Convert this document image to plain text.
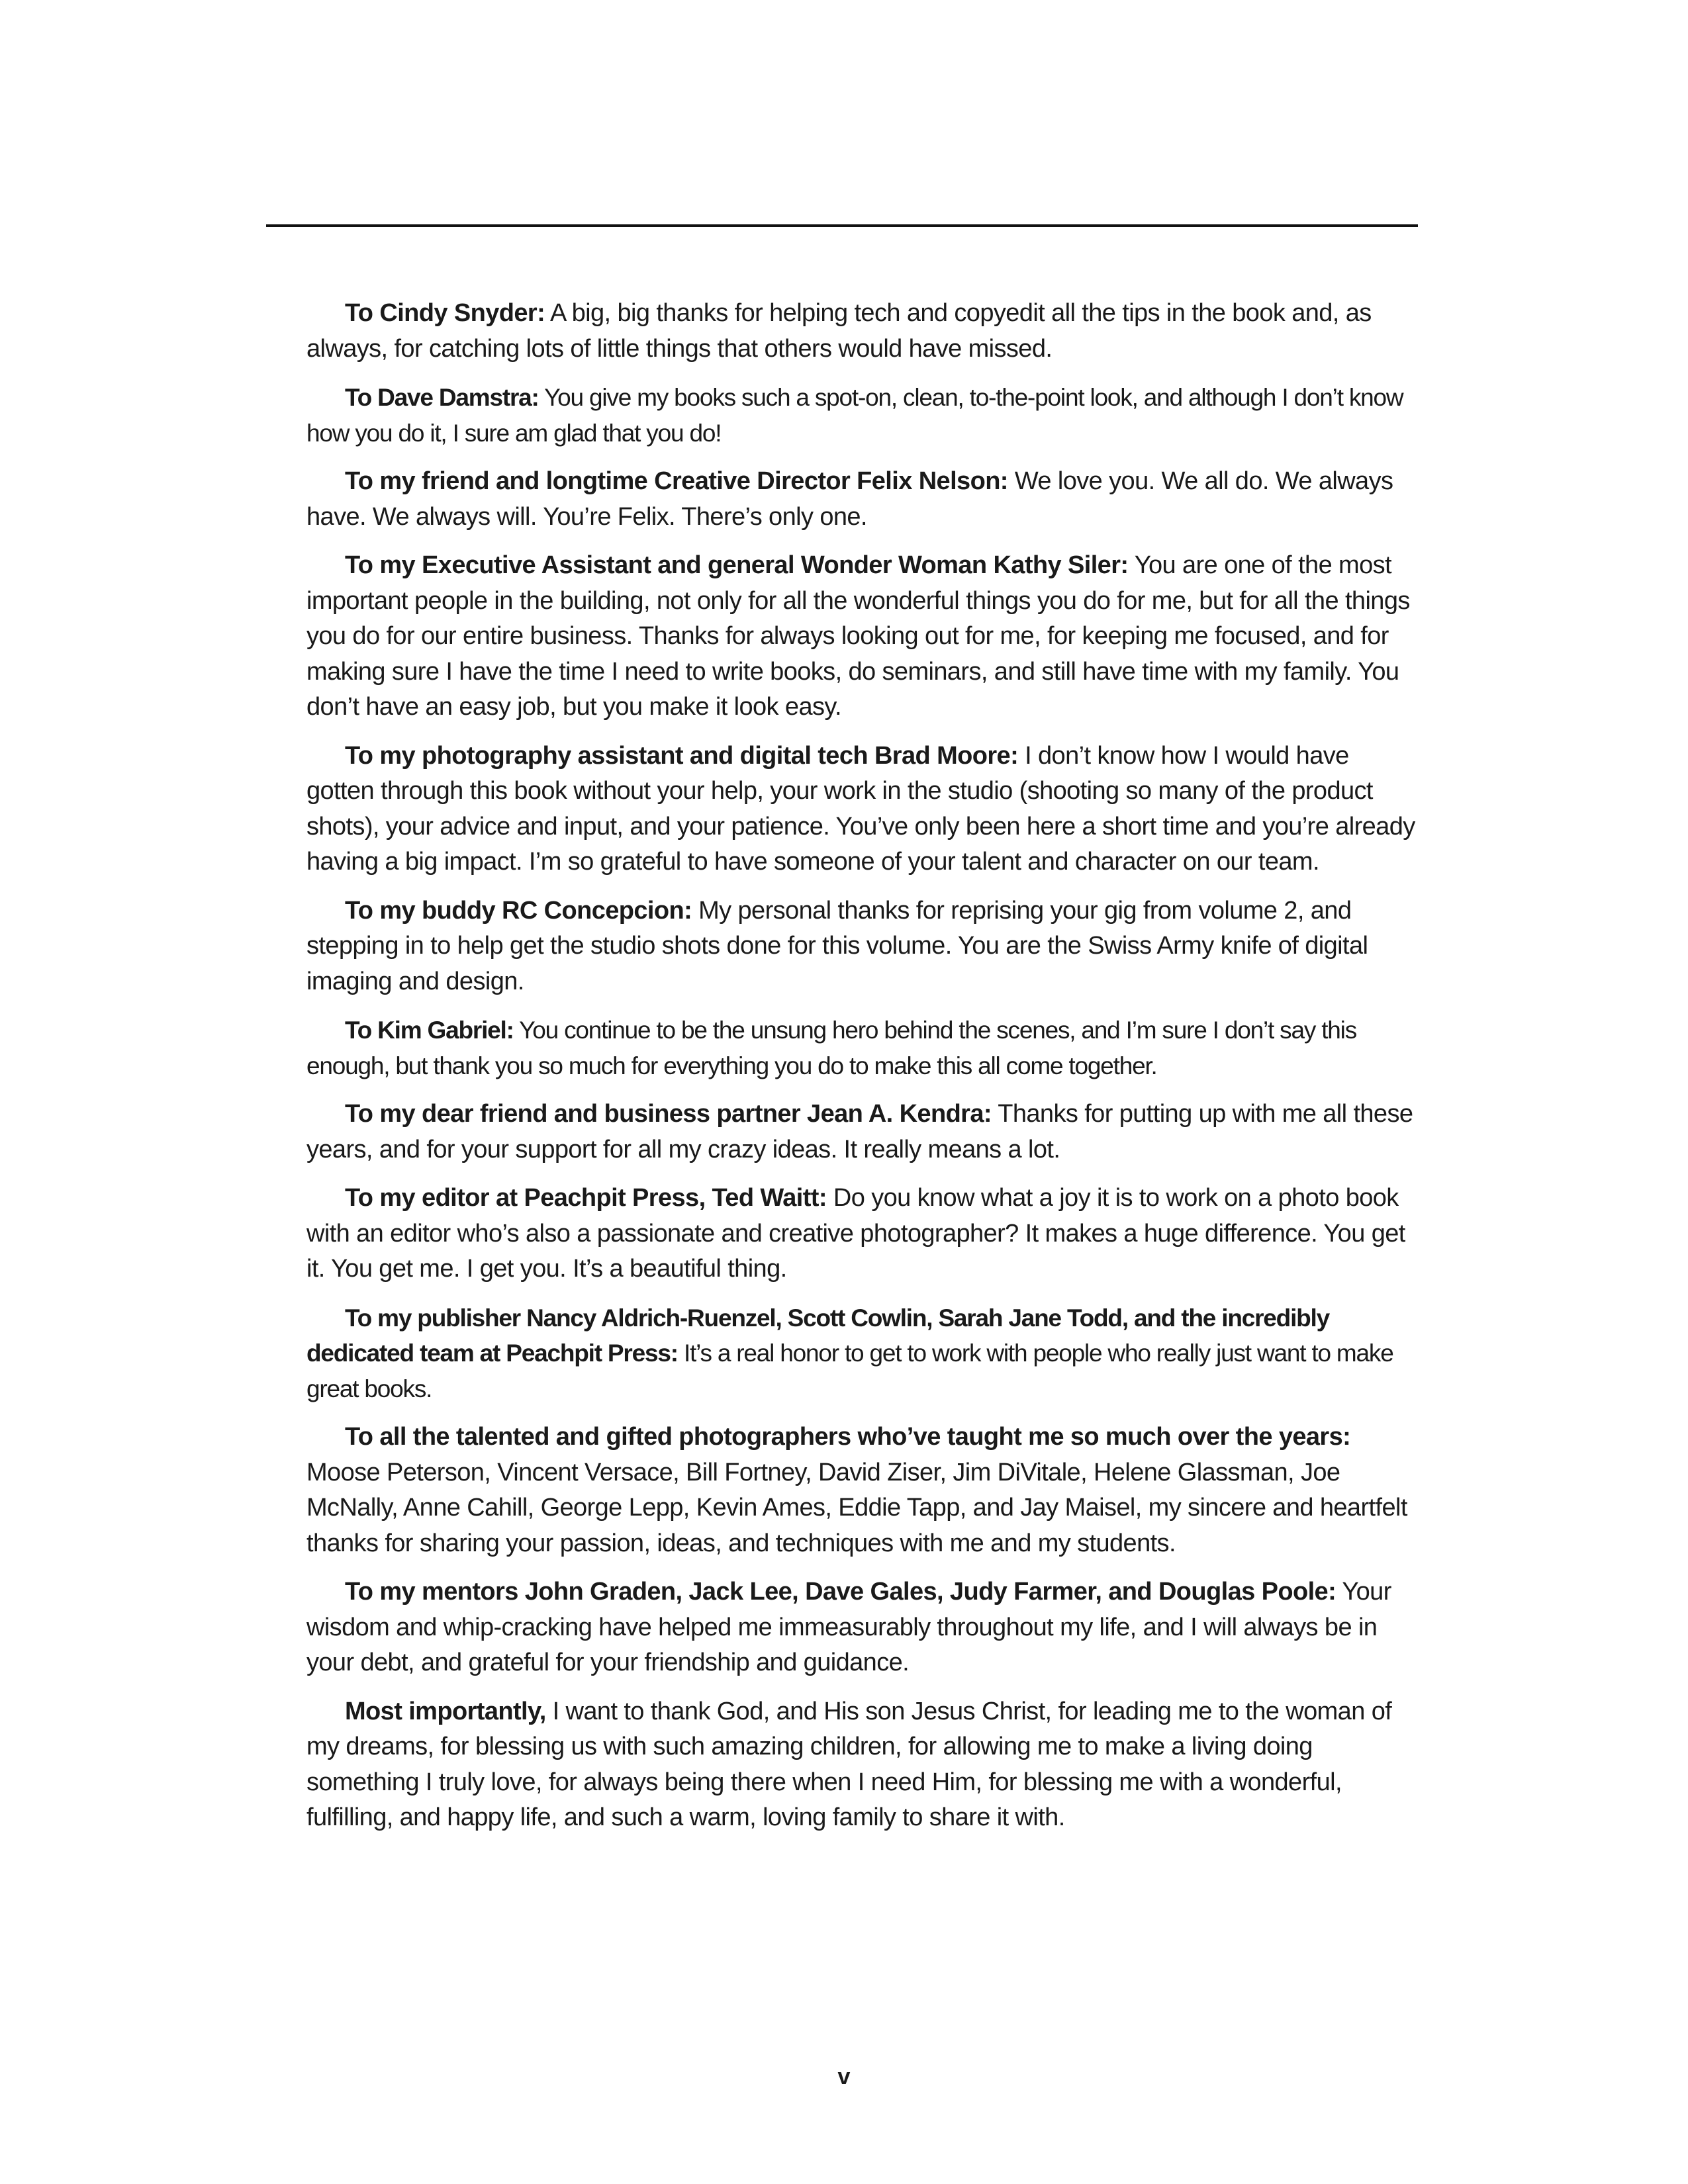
To Cindy Snyder: A big, big thanks for helping tech and copyedit all the tips in the book and, as always, for catching lots of little things that others would have missed.

To Dave Damstra: You give my books such a spot-on, clean, to-the-point look, and although I don’t know how you do it, I sure am glad that you do!

To my friend and longtime Creative Director Felix Nelson: We love you. We all do. We always have. We always will. You’re Felix. There’s only one.

To my Executive Assistant and general Wonder Woman Kathy Siler: You are one of the most important people in the building, not only for all the wonderful things you do for me, but for all the things you do for our entire business. Thanks for always looking out for me, for keeping me focused, and for making sure I have the time I need to write books, do seminars, and still have time with my family. You don’t have an easy job, but you make it look easy.

To my photography assistant and digital tech Brad Moore: I don’t know how I would have gotten through this book without your help, your work in the studio (shooting so many of the product shots), your advice and input, and your patience. You’ve only been here a short time and you’re already having a big impact. I’m so grateful to have someone of your talent and character on our team.

To my buddy RC Concepcion: My personal thanks for reprising your gig from volume 2, and stepping in to help get the studio shots done for this volume. You are the Swiss Army knife of digital imaging and design.

To Kim Gabriel: You continue to be the unsung hero behind the scenes, and I’m sure I don’t say this enough, but thank you so much for everything you do to make this all come together.

To my dear friend and business partner Jean A. Kendra: Thanks for putting up with me all these years, and for your support for all my crazy ideas. It really means a lot.

To my editor at Peachpit Press, Ted Waitt: Do you know what a joy it is to work on a photo book with an editor who’s also a passionate and creative photographer? It makes a huge difference. You get it. You get me. I get you. It’s a beautiful thing.

To my publisher Nancy Aldrich-Ruenzel, Scott Cowlin, Sarah Jane Todd, and the incredibly dedicated team at Peachpit Press: It’s a real honor to get to work with people who really just want to make great books.

To all the talented and gifted photographers who’ve taught me so much over the years: Moose Peterson, Vincent Versace, Bill Fortney, David Ziser, Jim DiVitale, Helene Glassman, Joe McNally, Anne Cahill, George Lepp, Kevin Ames, Eddie Tapp, and Jay Maisel, my sincere and heartfelt thanks for sharing your passion, ideas, and techniques with me and my students.

To my mentors John Graden, Jack Lee, Dave Gales, Judy Farmer, and Douglas Poole: Your wisdom and whip-cracking have helped me immeasurably throughout my life, and I will always be in your debt, and grateful for your friendship and guidance.

Most importantly, I want to thank God, and His son Jesus Christ, for leading me to the woman of my dreams, for blessing us with such amazing children, for allowing me to make a living doing something I truly love, for always being there when I need Him, for blessing me with a wonderful, fulfilling, and happy life, and such a warm, loving family to share it with.

v
